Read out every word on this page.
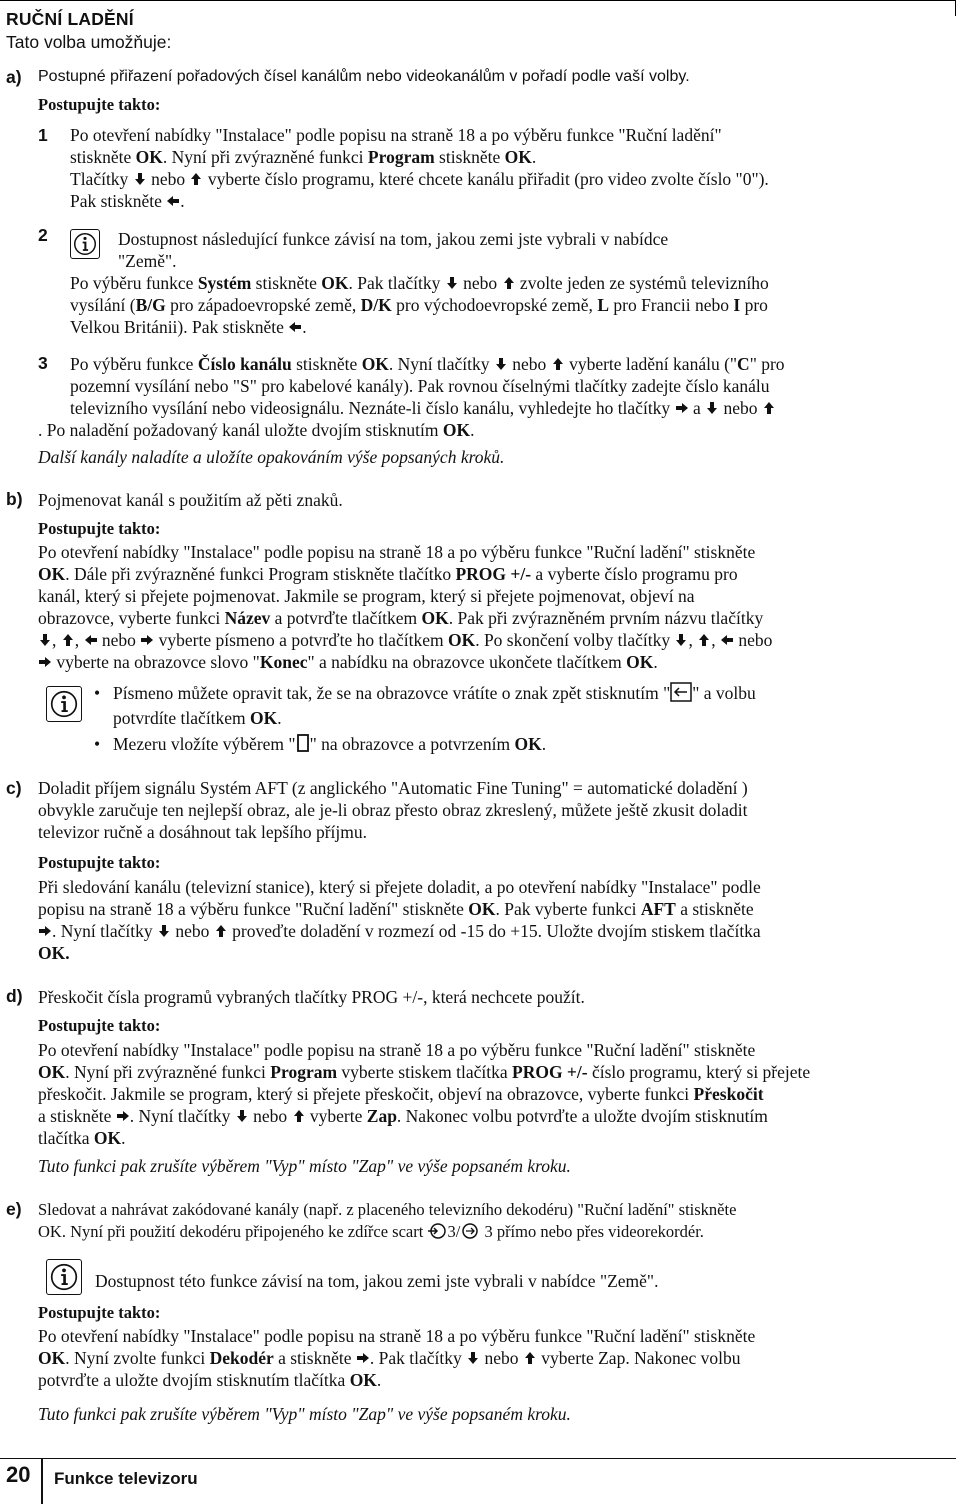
RUČNÍ LADĚNÍ
Tato volba umožňuje:
a) Postupné přiřazení pořadových čísel kanálům nebo videokanálům v pořadí podle vaší volby.
Postupujte takto:
1 Po otevření nabídky "Instalace" podle popisu na straně 18 a po výběru funkce "Ruční ladění"
stiskněte OK. Nyní při zvýrazněné funkci Program stiskněte OK.
Tlačítky  nebo  vyberte číslo programu, které chcete kanálu přiřadit (pro video zvolte číslo "0").
Pak stiskněte .
2	Dostupnost následující funkce závisí na tom, jakou zemi jste vybrali v nabídce
"Země".
Po výběru funkce Systém stiskněte OK. Pak tlačítky  nebo  zvolte jeden ze systémů televizního
vysílání (B/G pro západoevropské země, D/K pro východoevropské země, L pro Francii nebo I pro
Velkou Británii). Pak stiskněte .
3 Po výběru funkce Číslo kanálu stiskněte OK. Nyní tlačítky  nebo  vyberte ladění kanálu ("C" pro
pozemní vysílání nebo "S" pro kabelové kanály). Pak rovnou číselnými tlačítky zadejte číslo kanálu
televizního vysílání nebo videosignálu. Neznáte-li číslo kanálu, vyhledejte ho tlačítky  a  nebo
. Po naladění požadovaný kanál uložte dvojím stisknutím OK.
Další kanály naladíte a uložíte opakováním výše popsaných kroků.
b) Pojmenovat kanál s použitím až pěti znaků.
Postupujte takto:
Po otevření nabídky "Instalace" podle popisu na straně 18 a po výběru funkce "Ruční ladění" stiskněte
OK. Dále při zvýrazněné funkci Program stiskněte tlačítko PROG +/- a vyberte číslo programu pro
kanál, který si přejete pojmenovat. Jakmile se program, který si přejete pojmenovat, objeví na
obrazovce, vyberte funkci Název a potvrďte tlačítkem OK. Pak při zvýrazněném prvním názvu tlačítky
, ,  nebo  vyberte písmeno a potvrďte ho tlačítkem OK. Po skončení volby tlačítky , ,  nebo
vyberte na obrazovce slovo "Konec" a nabídku na obrazovce ukončete tlačítkem OK.
• Písmeno můžete opravit tak, že se na obrazovce vrátíte o znak zpět stisknutím " " a volbu
potvrdíte tlačítkem OK.
• Mezeru vložíte výběrem " " na obrazovce a potvrzením OK.
c) Doladit příjem signálu Systém AFT (z anglického "Automatic Fine Tuning" = automatické doladění )
obvykle zaručuje ten nejlepší obraz, ale je-li obraz přesto obraz zkreslený, můžete ještě zkusit doladit
televizor ručně a dosáhnout tak lepšího příjmu.
Postupujte takto:
Při sledování kanálu (televizní stanice), který si přejete doladit, a po otevření nabídky "Instalace" podle
popisu na straně 18 a výběru funkce "Ruční ladění" stiskněte OK. Pak vyberte funkci AFT a stiskněte
. Nyní tlačítky  nebo  proveďte doladění v rozmezí od -15 do +15. Uložte dvojím stiskem tlačítka
OK.
d) Přeskočit čísla programů vybraných tlačítky PROG +/-, která nechcete použít.
Postupujte takto:
Po otevření nabídky "Instalace" podle popisu na straně 18 a po výběru funkce "Ruční ladění" stiskněte
OK. Nyní při zvýrazněné funkci Program vyberte stiskem tlačítka PROG +/- číslo programu, který si přejete
přeskočit. Jakmile se program, který si přejete přeskočit, objeví na obrazovce, vyberte funkci Přeskočit
a stiskněte . Nyní tlačítky  nebo  vyberte Zap. Nakonec volbu potvrďte a uložte dvojím stisknutím
tlačítka OK.
Tuto funkci pak zrušíte výběrem "Vyp" místo "Zap" ve výše popsaném kroku.
e) Sledovat a nahrávat zakódované kanály (např. z placeného televizního dekodéru) "Ruční ladění" stiskněte
OK. Nyní při použití dekodéru připojeného ke zdířce scart 3/ 3 přímo nebo přes videorekordér.
Dostupnost této funkce závisí na tom, jakou zemi jste vybrali v nabídce "Země".
Postupujte takto:
Po otevření nabídky "Instalace" podle popisu na straně 18 a po výběru funkce "Ruční ladění" stiskněte
OK. Nyní zvolte funkci Dekodér a stiskněte . Pak tlačítky  nebo  vyberte Zap. Nakonec volbu
potvrďte a uložte dvojím stisknutím tlačítka OK.
Tuto funkci pak zrušíte výběrem "Vyp" místo "Zap" ve výše popsaném kroku.
20 Funkce televizoru
